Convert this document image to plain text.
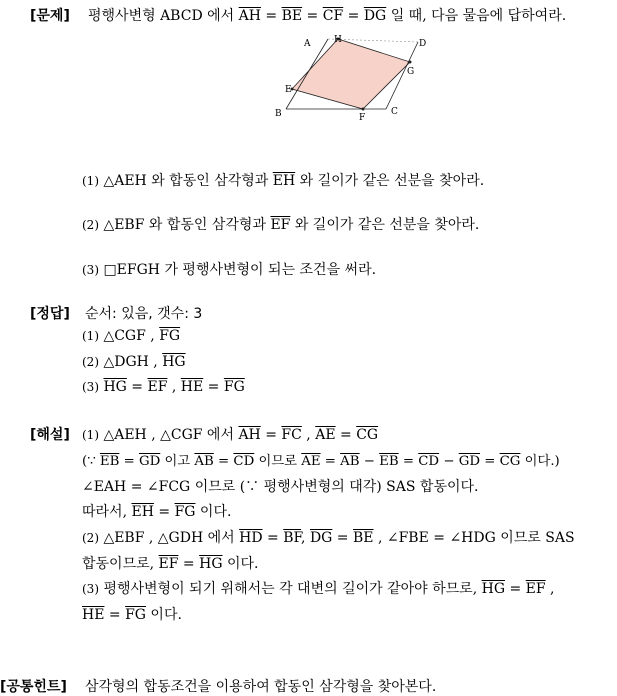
[문제] 평행사변형 ABCD 에서 $\overline{AH} = \overline{BE} = \overline{CF} = \overline{DG}$ 일 때, 다음 물음에 답하여라.
A	H	D
E
G
B	F
C
(1) △AEH 와 합동인 삼각형과 $\overline{EH}$ 와 길이가 같은 선분을 찾아라.
(2) △EBF 와 합동인 삼각형과 $\overline{EF}$ 와 길이가 같은 선분을 찾아라.
(3) □EFGH 가 평행사변형이 되는 조건을 써라.
[정답] 순서: 있음, 갯수: 3
(1) △CGF , $\overline{FG}$
(2) △DGH , $\overline{HG}$
(3) $\overline{HG} = \overline{EF}$ , $\overline{HE} = \overline{FG}$
[해설] (1) △AEH , △CGF 에서 $\overline{AH} = \overline{FC}$ , $\overline{AE} = \overline{CG}$
(∵ $\overline{EB} = \overline{GD}$ 이고 $\overline{AB} = \overline{CD}$ 이므로 $\overline{AE} = \overline{AB} - \overline{EB} = \overline{CD} - \overline{GD} = \overline{CG}$ 이다.)
∠EAH = ∠FCG 이므로 (∵ 평행사변형의 대각) SAS 합동이다.
따라서, $\overline{EH} = \overline{FG}$ 이다.
(2) △EBF , △GDH 에서 $\overline{HD} = \overline{BF}$, $\overline{DG} = \overline{BE}$ , ∠FBE = ∠HDG 이므로 SAS
합동이므로, $\overline{EF} = \overline{HG}$ 이다.
(3) 평행사변형이 되기 위해서는 각 대변의 길이가 같아야 하므로, $\overline{HG} = \overline{EF}$ ,
$\overline{HE} = \overline{FG}$ 이다.
[공통힌트] 삼각형의 합동조건을 이용하여 합동인 삼각형을 찾아본다.
